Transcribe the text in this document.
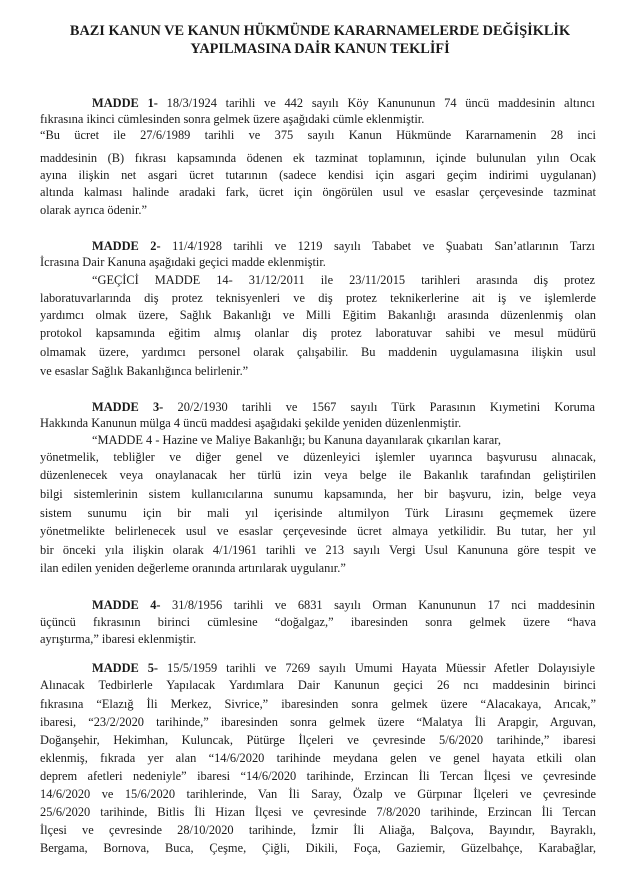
BAZI KANUN VE KANUN HÜKMÜNDE KARARNAMELERDE DEĞİŞİKLİK
YAPILMASINA DAİR KANUN TEKLİFİ
MADDE 1- 18/3/1924 tarihli ve 442 sayılı Köy Kanununun 74 üncü maddesinin altıncı
fıkrasına ikinci cümlesinden sonra gelmek üzere aşağıdaki cümle eklenmiştir.
“Bu ücret ile 27/6/1989 tarihli ve 375 sayılı Kanun Hükmünde Kararnamenin 28 inci
maddesinin (B) fıkrası kapsamında ödenen ek tazminat toplamının, içinde bulunulan yılın Ocak
ayına ilişkin net asgari ücret tutarının (sadece kendisi için asgari geçim indirimi uygulanan)
altında kalması halinde aradaki fark, ücret için öngörülen usul ve esaslar çerçevesinde tazminat
olarak ayrıca ödenir.”
MADDE 2- 11/4/1928 tarihli ve 1219 sayılı Tababet ve Şuabatı San’atlarının Tarzı
İcrasına Dair Kanuna aşağıdaki geçici madde eklenmiştir.
“GEÇİCİ MADDE 14- 31/12/2011 ile 23/11/2015 tarihleri arasında diş protez
laboratuvarlarında diş protez teknisyenleri ve diş protez teknikerlerine ait iş ve işlemlerde
yardımcı olmak üzere, Sağlık Bakanlığı ve Milli Eğitim Bakanlığı arasında düzenlenmiş olan
protokol kapsamında eğitim almış olanlar diş protez laboratuvar sahibi ve mesul müdürü
olmamak üzere, yardımcı personel olarak çalışabilir. Bu maddenin uygulamasına ilişkin usul
ve esaslar Sağlık Bakanlığınca belirlenir.”
MADDE 3- 20/2/1930 tarihli ve 1567 sayılı Türk Parasının Kıymetini Koruma
Hakkında Kanunun mülga 4 üncü maddesi aşağıdaki şekilde yeniden düzenlenmiştir.
“MADDE 4 - Hazine ve Maliye Bakanlığı; bu Kanuna dayanılarak çıkarılan karar,
yönetmelik, tebliğler ve diğer genel ve düzenleyici işlemler uyarınca başvurusu alınacak,
düzenlenecek veya onaylanacak her türlü izin veya belge ile Bakanlık tarafından geliştirilen
bilgi sistemlerinin sistem kullanıcılarına sunumu kapsamında, her bir başvuru, izin, belge veya
sistem sunumu için bir mali yıl içerisinde altımilyon Türk Lirasını geçmemek üzere
yönetmelikte belirlenecek usul ve esaslar çerçevesinde ücret almaya yetkilidir. Bu tutar, her yıl
bir önceki yıla ilişkin olarak 4/1/1961 tarihli ve 213 sayılı Vergi Usul Kanununa göre tespit ve
ilan edilen yeniden değerleme oranında artırılarak uygulanır.”
MADDE 4- 31/8/1956 tarihli ve 6831 sayılı Orman Kanununun 17 nci maddesinin
üçüncü fıkrasının birinci cümlesine “doğalgaz,” ibaresinden sonra gelmek üzere “hava
ayrıştırma,” ibaresi eklenmiştir.
MADDE 5- 15/5/1959 tarihli ve 7269 sayılı Umumi Hayata Müessir Afetler Dolayısiyle
Alınacak Tedbirlerle Yapılacak Yardımlara Dair Kanunun geçici 26 ncı maddesinin birinci
fıkrasına “Elazığ İli Merkez, Sivrice,” ibaresinden sonra gelmek üzere “Alacakaya, Arıcak,”
ibaresi, “23/2/2020 tarihinde,” ibaresinden sonra gelmek üzere “Malatya İli Arapgir, Arguvan,
Doğanşehir, Hekimhan, Kuluncak, Pütürge İlçeleri ve çevresinde 5/6/2020 tarihinde,” ibaresi
eklenmiş, fıkrada yer alan “14/6/2020 tarihinde meydana gelen ve genel hayata etkili olan
deprem afetleri nedeniyle” ibaresi “14/6/2020 tarihinde, Erzincan İli Tercan İlçesi ve çevresinde
14/6/2020 ve 15/6/2020 tarihlerinde, Van İli Saray, Özalp ve Gürpınar İlçeleri ve çevresinde
25/6/2020 tarihinde, Bitlis İli Hizan İlçesi ve çevresinde 7/8/2020 tarihinde, Erzincan İli Tercan
İlçesi ve çevresinde 28/10/2020 tarihinde, İzmir İli Aliağa, Balçova, Bayındır, Bayraklı,
Bergama, Bornova, Buca, Çeşme, Çiğli, Dikili, Foça, Gaziemir, Güzelbahçe, Karabağlar,
